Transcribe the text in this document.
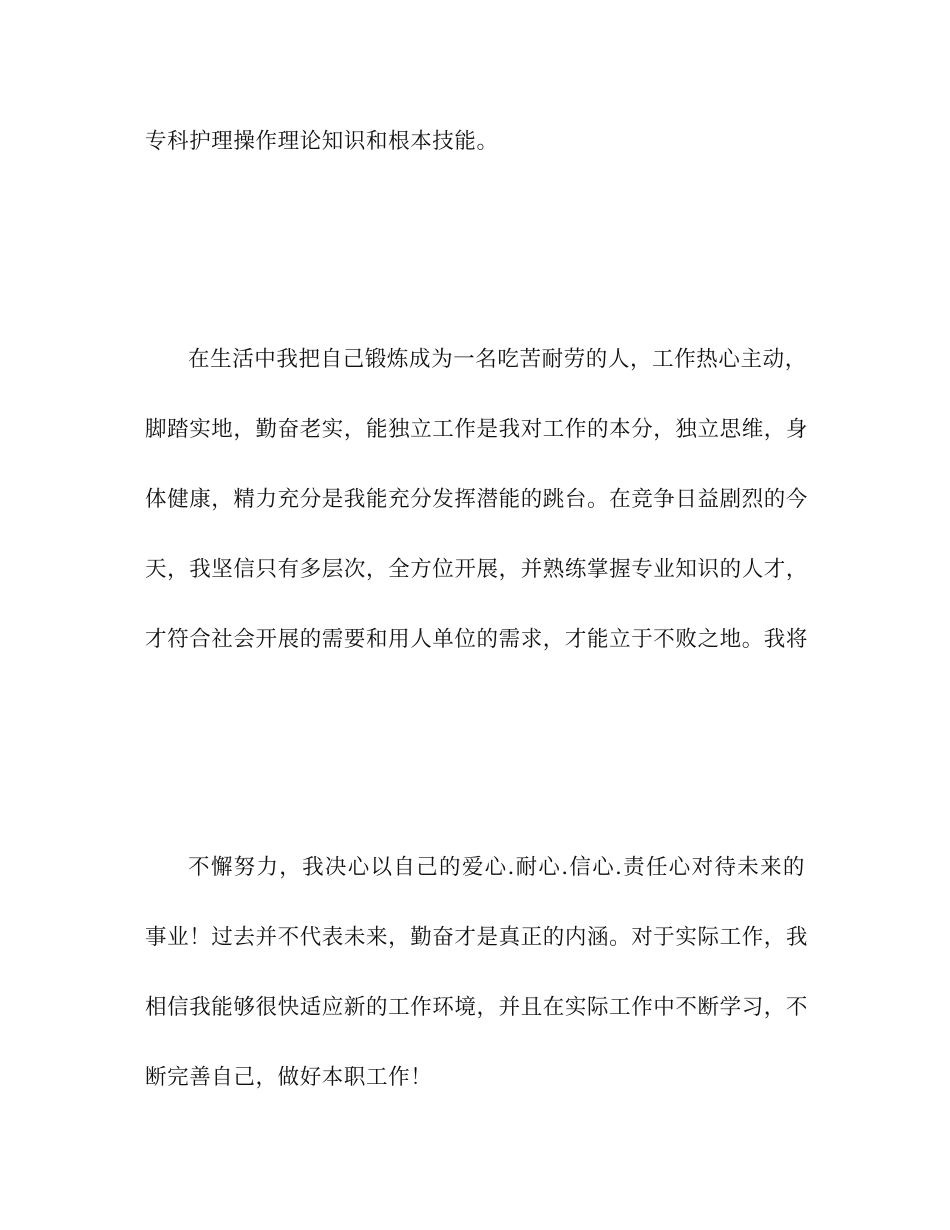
专科护理操作理论知识和根本技能。
在生活中我把自己锻炼成为一名吃苦耐劳的人，工作热心主动，
脚踏实地，勤奋老实，能独立工作是我对工作的本分，独立思维，身
体健康，精力充分是我能充分发挥潜能的跳台。在竞争日益剧烈的今
天，我坚信只有多层次，全方位开展，并熟练掌握专业知识的人才，
才符合社会开展的需要和用人单位的需求，才能立于不败之地。我将
不懈努力，我决心以自己的爱心.耐心.信心.责任心对待未来的
事业！过去并不代表未来，勤奋才是真正的内涵。对于实际工作，我
相信我能够很快适应新的工作环境，并且在实际工作中不断学习，不
断完善自己，做好本职工作！
